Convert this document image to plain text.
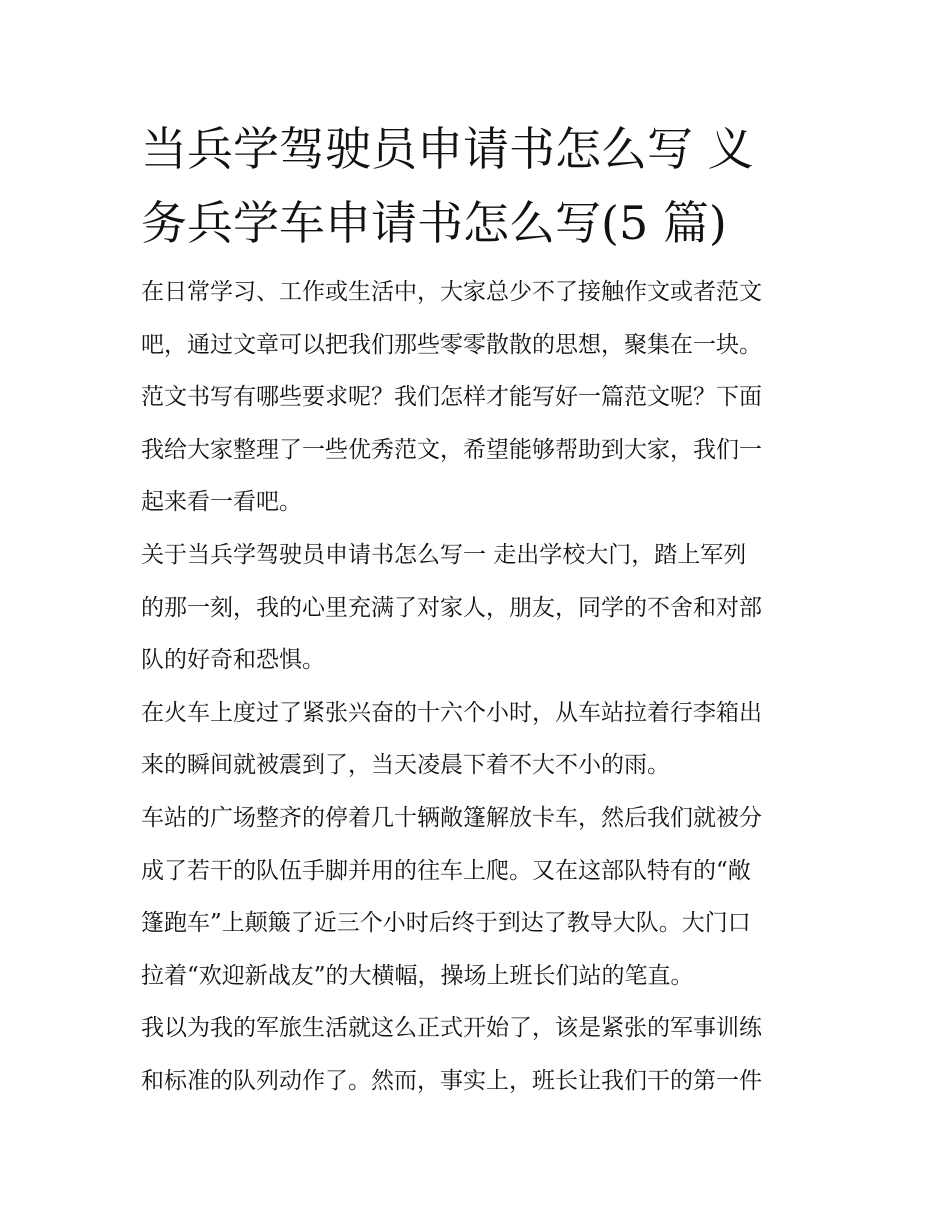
当兵学驾驶员申请书怎么写 义
务兵学车申请书怎么写(5 篇)

在日常学习、工作或生活中，大家总少不了接触作文或者范文
吧，通过文章可以把我们那些零零散散的思想，聚集在一块。
范文书写有哪些要求呢？我们怎样才能写好一篇范文呢？下面
我给大家整理了一些优秀范文，希望能够帮助到大家，我们一
起来看一看吧。

关于当兵学驾驶员申请书怎么写一 走出学校大门，踏上军列
的那一刻，我的心里充满了对家人，朋友，同学的不舍和对部
队的好奇和恐惧。

在火车上度过了紧张兴奋的十六个小时，从车站拉着行李箱出
来的瞬间就被震到了，当天凌晨下着不大不小的雨。

车站的广场整齐的停着几十辆敞篷解放卡车，然后我们就被分
成了若干的队伍手脚并用的往车上爬。又在这部队特有的“敞
篷跑车”上颠簸了近三个小时后终于到达了教导大队。大门口
拉着“欢迎新战友”的大横幅，操场上班长们站的笔直。

我以为我的军旅生活就这么正式开始了，该是紧张的军事训练
和标准的队列动作了。然而，事实上，班长让我们干的第一件
